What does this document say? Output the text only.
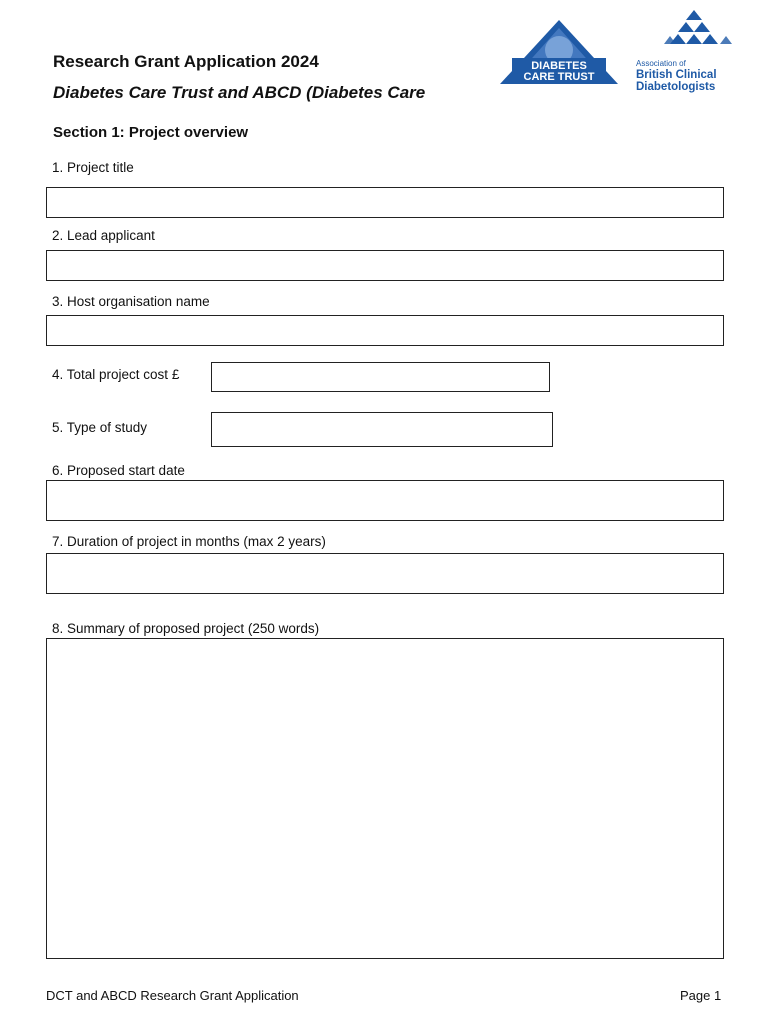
Research Grant Application 2024
Diabetes Care Trust and ABCD (Diabetes Care
DIABETES
CARE TRUST
Association of
British Clinical
Diabetologists
Section 1: Project overview
1. Project title
2. Lead applicant
3. Host organisation name
4. Total project cost £
5. Type of study
6. Proposed start date
7. Duration of project in months (max 2 years)
8. Summary of proposed project (250 words)
DCT and ABCD Research Grant Application	Page 1
